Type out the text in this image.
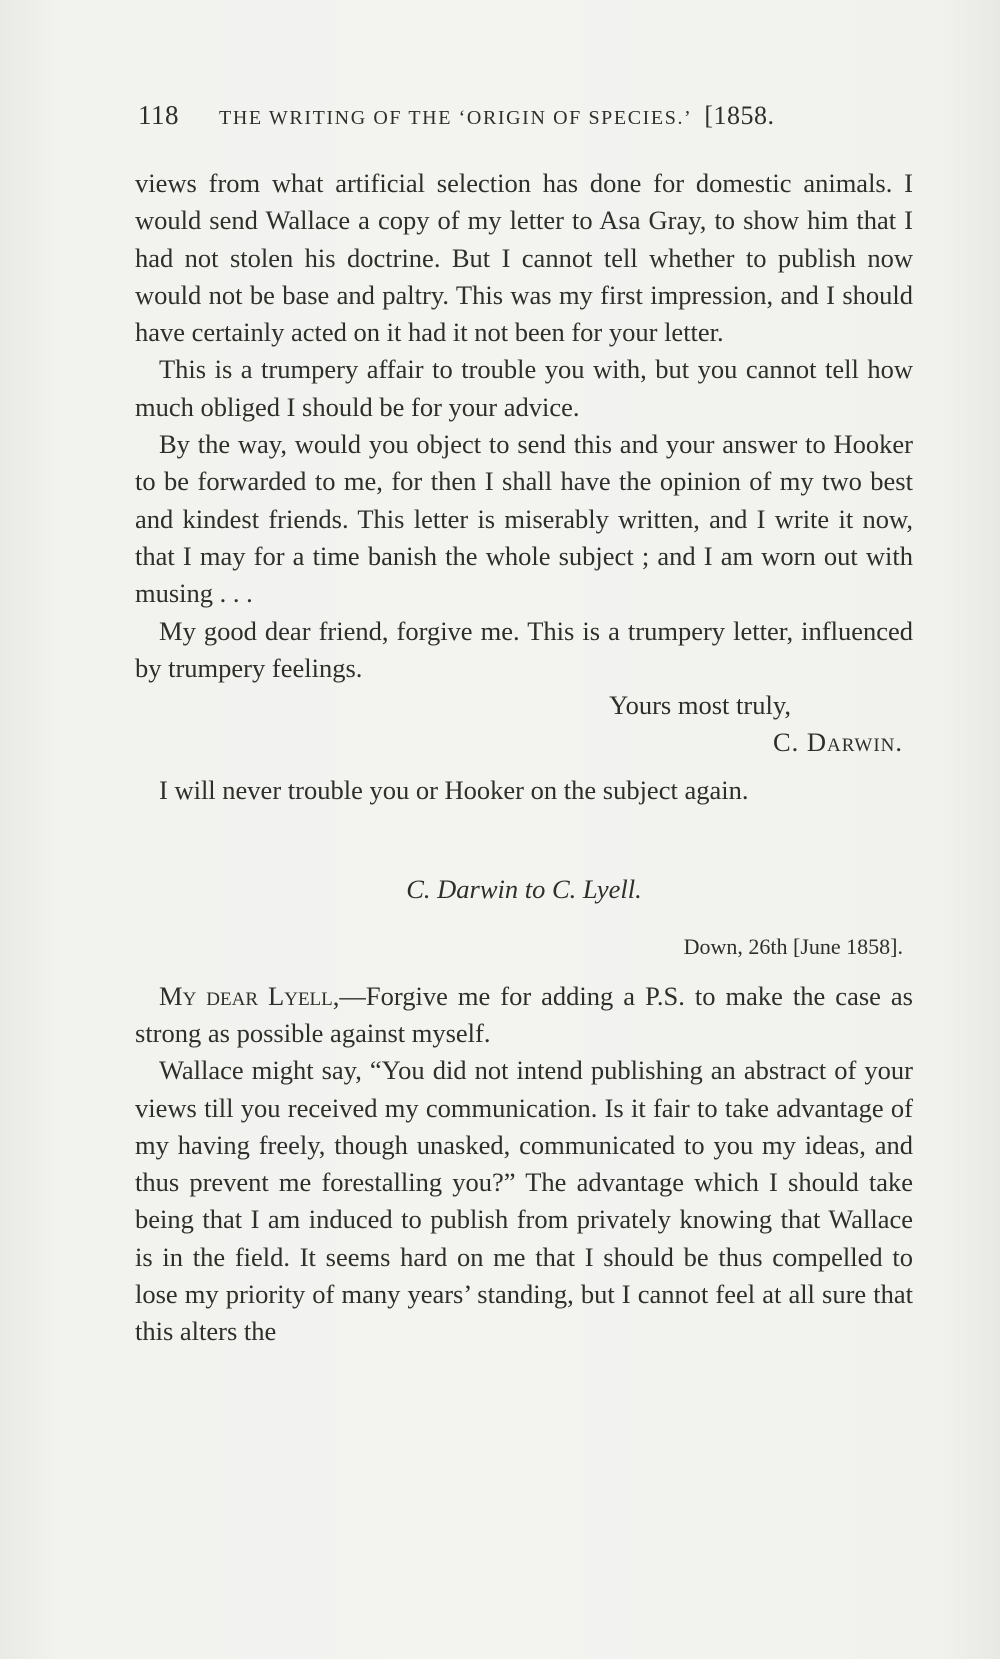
118 THE WRITING OF THE ‘ORIGIN OF SPECIES.’ [1858.

views from what artificial selection has done for domestic animals. I would send Wallace a copy of my letter to Asa Gray, to show him that I had not stolen his doctrine. But I cannot tell whether to publish now would not be base and paltry. This was my first impression, and I should have certainly acted on it had it not been for your letter.

This is a trumpery affair to trouble you with, but you cannot tell how much obliged I should be for your advice.

By the way, would you object to send this and your answer to Hooker to be forwarded to me, for then I shall have the opinion of my two best and kindest friends. This letter is miserably written, and I write it now, that I may for a time banish the whole subject ; and I am worn out with musing . . .

My good dear friend, forgive me. This is a trumpery letter, influenced by trumpery feelings.

Yours most truly,

C. Darwin.

I will never trouble you or Hooker on the subject again.

C. Darwin to C. Lyell.

Down, 26th [June 1858].

My dear Lyell,—Forgive me for adding a P.S. to make the case as strong as possible against myself.

Wallace might say, “You did not intend publishing an abstract of your views till you received my communication. Is it fair to take advantage of my having freely, though unasked, communicated to you my ideas, and thus prevent me forestalling you?” The advantage which I should take being that I am induced to publish from privately knowing that Wallace is in the field. It seems hard on me that I should be thus compelled to lose my priority of many years’ standing, but I cannot feel at all sure that this alters the
